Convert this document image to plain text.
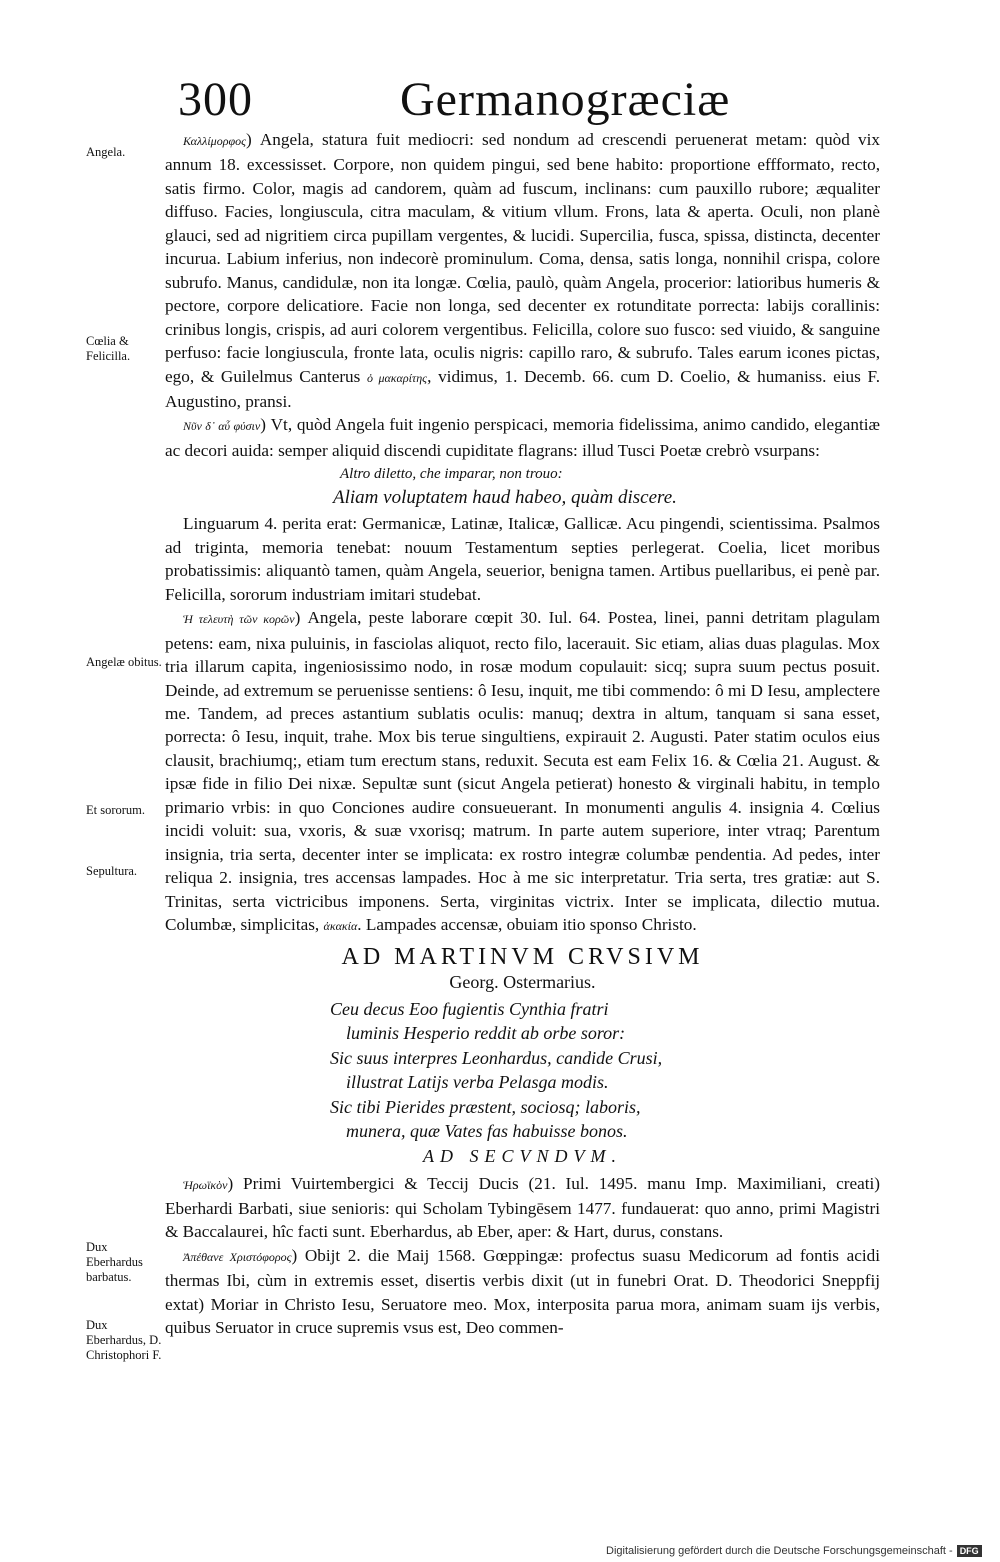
300	Germanogræciæ
Angela.
Cœlia & Felicilla.
Angelæ obitus.
Et sororum.
Sepultura.
Dux Eberhardus barbatus.
Dux Eberhardus, D. Christophori F.

Καλλίμορφος) Angela, statura fuit mediocri: sed nondum ad crescendi peruenerat metam: quòd vix annum 18. excessisset. Corpore, non quidem pingui, sed bene habito: proportione effformato, recto, satis firmo. Color, magis ad candorem, quàm ad fuscum, inclinans: cum pauxillo rubore; æqualiter diffuso. Facies, longiuscula, citra maculam, & vitium vllum. Frons, lata & aperta. Oculi, non planè glauci, sed ad nigritiem circa pupillam vergentes, & lucidi. Supercilia, fusca, spissa, distincta, decenter incurua. Labium inferius, non indecorè prominulum. Coma, densa, satis longa, nonnihil crispa, colore subrufo. Manus, candidulæ, non ita longæ. Cœlia, paulò, quàm Angela, procerior: latioribus humeris & pectore, corpore delicatiore. Facie non longa, sed decenter ex rotunditate porrecta: labijs corallinis: crinibus longis, crispis, ad auri colorem vergentibus. Felicilla, colore suo fusco: sed viuido, & sanguine perfuso: facie longiuscula, fronte lata, oculis nigris: capillo raro, & subrufo. Tales earum icones pictas, ego, & Guilelmus Canterus ὁ μακαρίτης, vidimus, 1. Decemb. 66. cum D. Coelio, & humaniss. eius F. Augustino, pransi.

Νῦν δ᾽ αὖ φύσιν) Vt, quòd Angela fuit ingenio perspicaci, memoria fidelissima, animo candido, elegantiæ ac decori auida: semper aliquid discendi cupiditate flagrans: illud Tusci Poetæ crebrò vsurpans:

Altro diletto, che imparar, non trouo:

Aliam voluptatem haud habeo, quàm discere.

Linguarum 4. perita erat: Germanicæ, Latinæ, Italicæ, Gallicæ. Acu pingendi, scientissima. Psalmos ad triginta, memoria tenebat: nouum Testamentum septies perlegerat. Coelia, licet moribus probatissimis: aliquantò tamen, quàm Angela, seuerior, benigna tamen. Artibus puellaribus, ei penè par. Felicilla, sororum industriam imitari studebat.

Ἡ τελευτὴ τῶν κορῶν) Angela, peste laborare cœpit 30. Iul. 64. Postea, linei, panni detritam plagulam petens: eam, nixa puluinis, in fasciolas aliquot, recto filo, lacerauit. Sic etiam, alias duas plagulas. Mox tria illarum capita, ingeniosissimo nodo, in rosæ modum copulauit: sicq; supra suum pectus posuit. Deinde, ad extremum se peruenisse sentiens: ô Iesu, inquit, me tibi commendo: ô mi D Iesu, amplectere me. Tandem, ad preces astantium sublatis oculis: manuq; dextra in altum, tanquam si sana esset, porrecta: ô Iesu, inquit, trahe. Mox bis terue singultiens, expirauit 2. Augusti. Pater statim oculos eius clausit, brachiumq;, etiam tum erectum stans, reduxit. Secuta est eam Felix 16. & Cœlia 21. August. & ipsæ fide in filio Dei nixæ. Sepultæ sunt (sicut Angela petierat) honesto & virginali habitu, in templo primario vrbis: in quo Conciones audire consueuerant. In monumenti angulis 4. insignia 4. Cœlius incidi voluit: sua, vxoris, & suæ vxorisq; matrum. In parte autem superiore, inter vtraq; Parentum insignia, tria serta, decenter inter se implicata: ex rostro integræ columbæ pendentia. Ad pedes, inter reliqua 2. insignia, tres accensas lampades. Hoc à me sic interpretatur. Tria serta, tres gratiæ: aut S. Trinitas, serta victricibus imponens. Serta, virginitas victrix. Inter se implicata, dilectio mutua. Columbæ, simplicitas, ἀκακία. Lampades accensæ, obuiam itio sponso Christo.

AD MARTINVM CRVSIVM
Georg. Ostermarius.
Ceu decus Eoo fugientis Cynthia fratri
luminis Hesperio reddit ab orbe soror:
Sic suus interpres Leonhardus, candide Crusi,
illustrat Latijs verba Pelasga modis.
Sic tibi Pierides præstent, sociosq; laboris,
munera, quæ Vates fas habuisse bonos.
AD SECVNDVM.

Ἡρωϊκὸν) Primi Vuirtembergici & Teccij Ducis (21. Iul. 1495. manu Imp. Maximiliani, creati) Eberhardi Barbati, siue senioris: qui Scholam Tybingēsem 1477. fundauerat: quo anno, primi Magistri & Baccalaurei, hîc facti sunt. Eberhardus, ab Eber, aper: & Hart, durus, constans.

Ἀπέθανε Χριστόφορος) Obijt 2. die Maij 1568. Gœppingæ: profectus suasu Medicorum ad fontis acidi thermas Ibi, cùm in extremis esset, disertis verbis dixit (ut in funebri Orat. D. Theodorici Sneppfij extat) Moriar in Christo Iesu, Seruatore meo. Mox, interposita parua mora, animam suam ijs verbis, quibus Seruator in cruce supremis vsus est, Deo commen-

Digitalisierung gefördert durch die Deutsche Forschungsgemeinschaft - DFG
